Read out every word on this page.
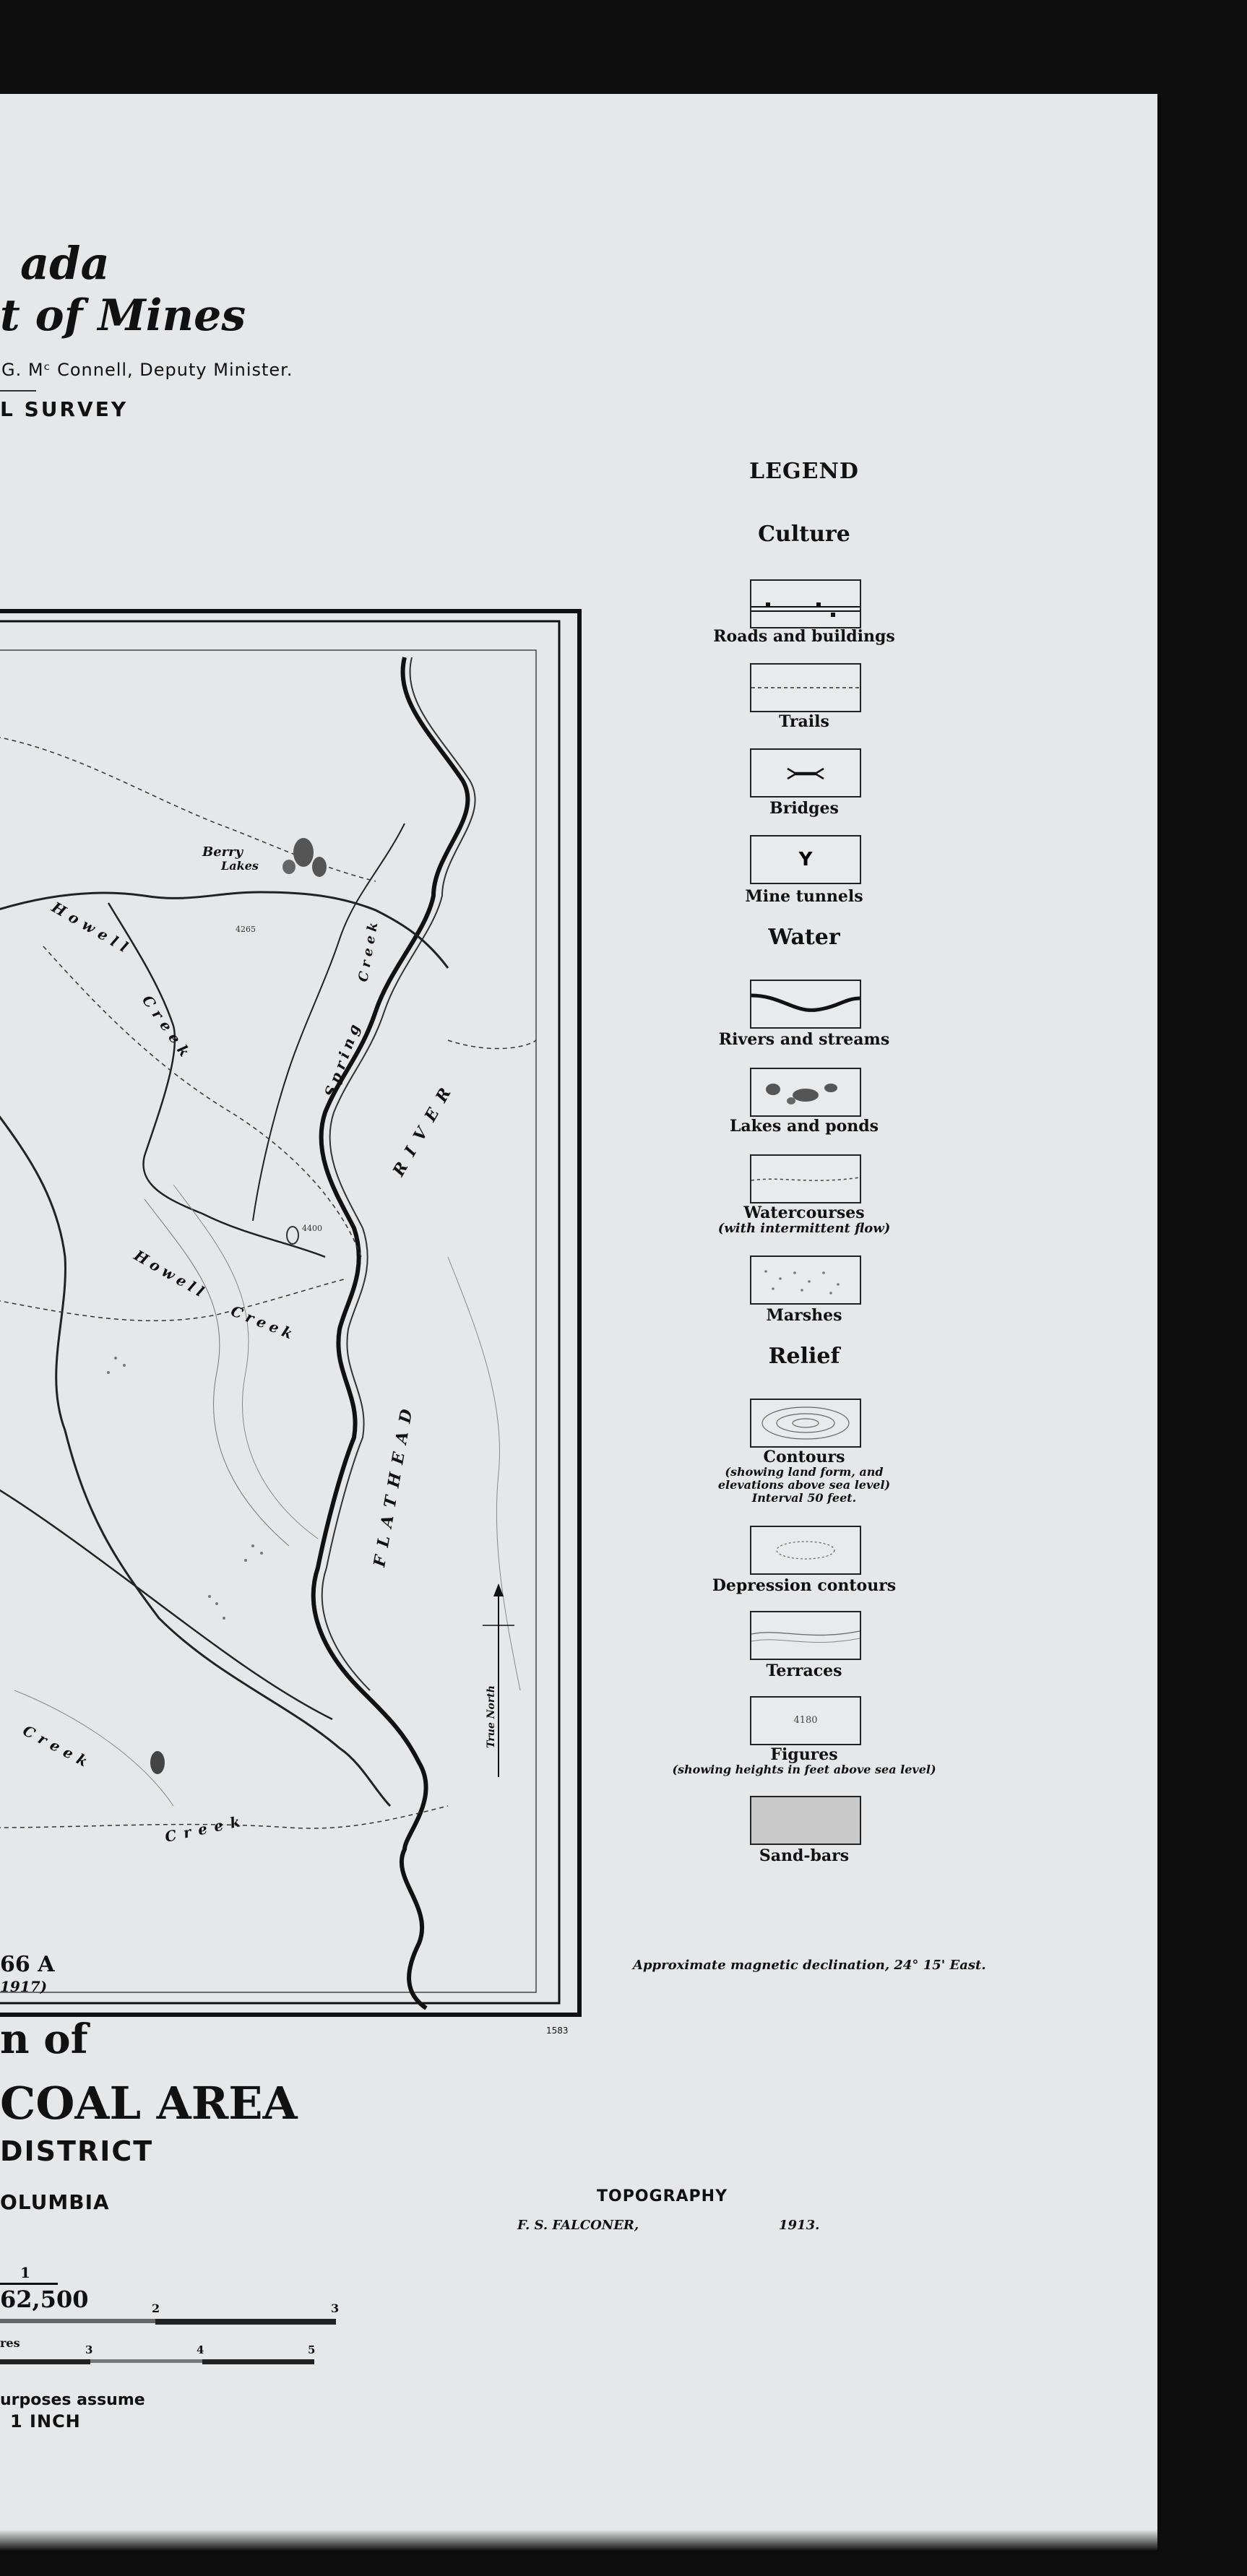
ada
t of Mines
G. Mᶜ Connell, Deputy Minister.
L SURVEY
Berry
Lakes
4265
4400
Howell
Creek	Spring
Creek
RIVER
Howell
Creek
FLATHEAD
True North
Creek
Creek
1583
LEGEND
Culture
Roads and buildings
Trails
Bridges
Y
Mine tunnels
Water
Rivers and streams
Lakes and ponds
Watercourses
(with intermittent flow)
Marshes
Relief
Contours
(showing land form, and
elevations above sea level)
Interval 50 feet.
Depression contours
Terraces
4180
Figures
(showing heights in feet above sea level)
Sand-bars
66 A
1917)
Approximate magnetic declination, 24° 15' East.
n of
COAL AREA
DISTRICT
OLUMBIA	TOPOGRAPHY
F. S. FALCONER,	1913.
1
62,500	2	3
res	3	4	5
urposes assume
1 INCH
